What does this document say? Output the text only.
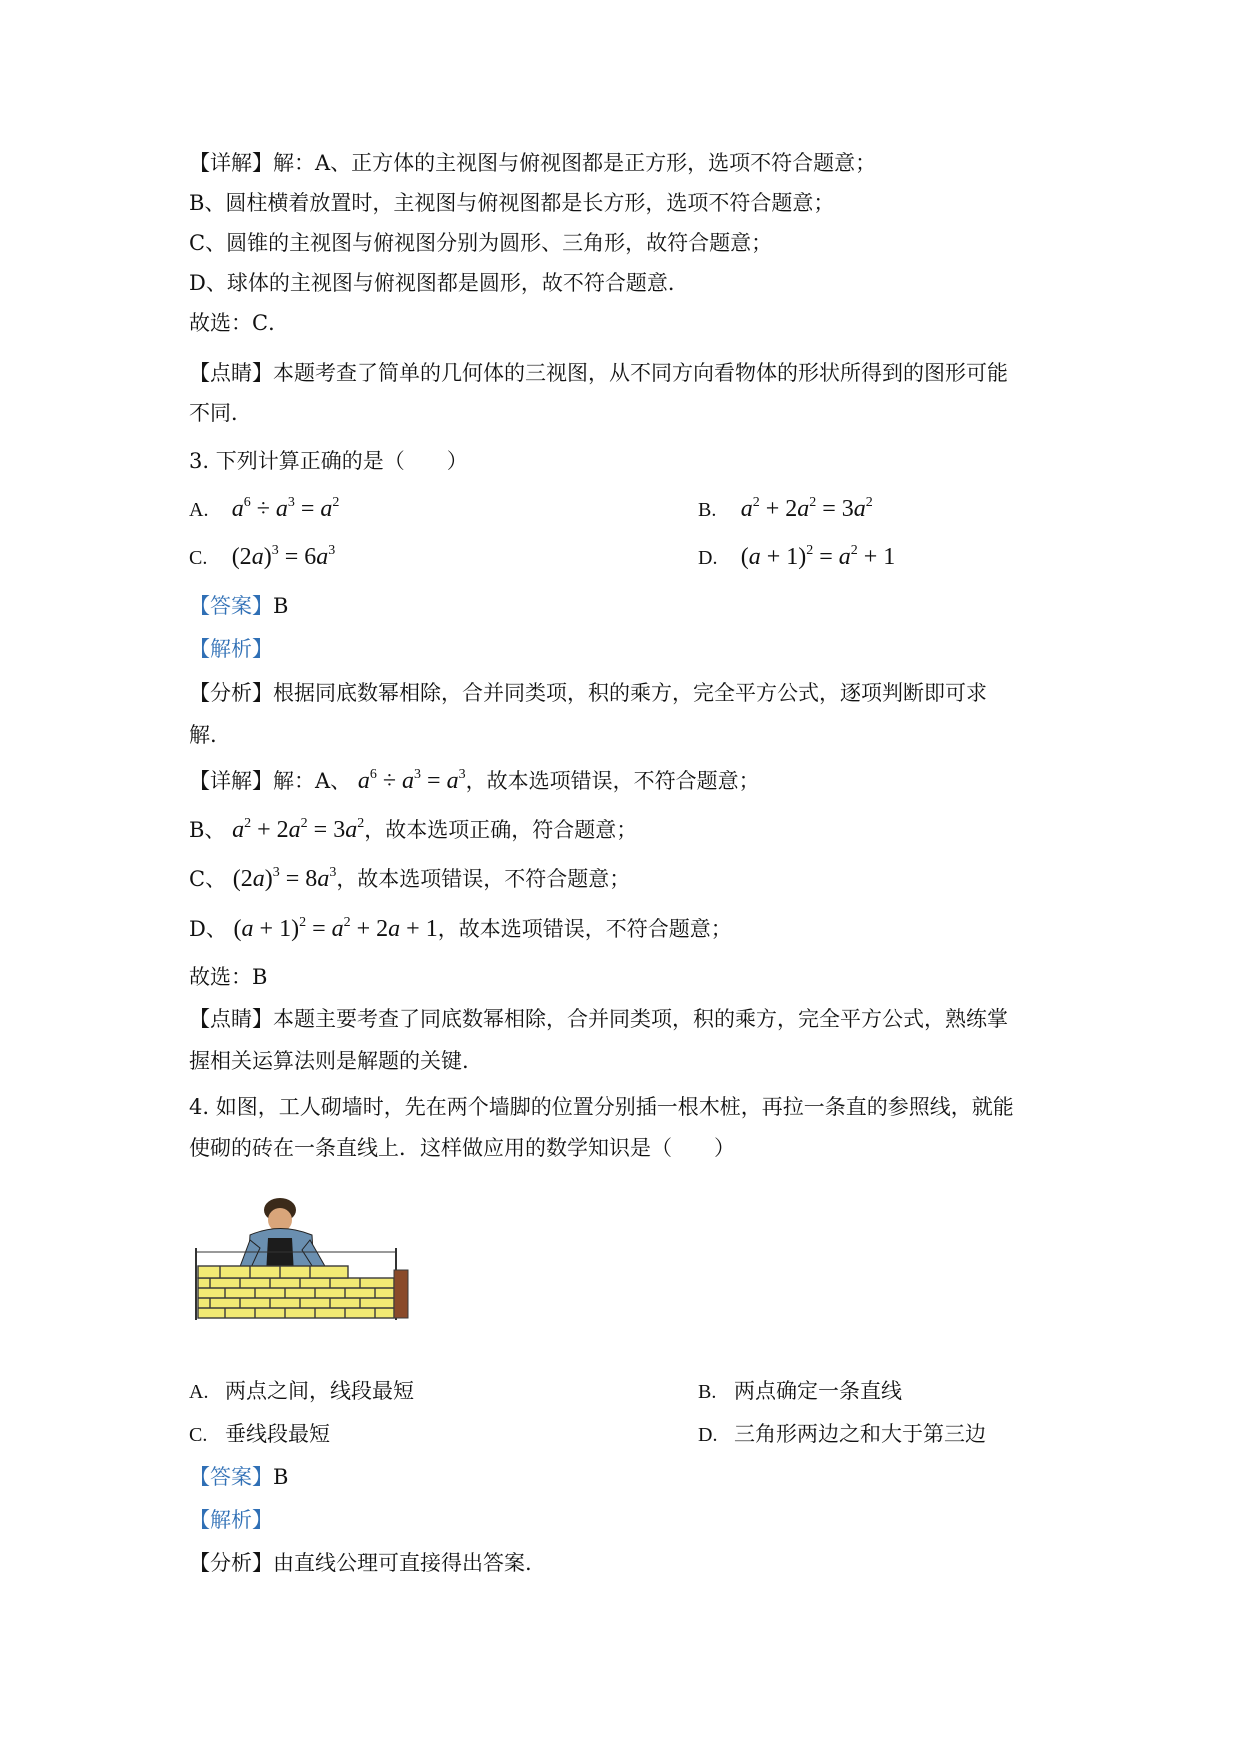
【详解】解：A、正方体的主视图与俯视图都是正方形，选项不符合题意；
B、圆柱横着放置时，主视图与俯视图都是长方形，选项不符合题意；
C、圆锥的主视图与俯视图分别为圆形、三角形，故符合题意；
D、球体的主视图与俯视图都是圆形，故不符合题意．
故选：C．
【点睛】本题考查了简单的几何体的三视图，从不同方向看物体的形状所得到的图形可能
不同．
3. 下列计算正确的是（　　）
A. $a^6 \div a^3 = a^2$	B. $a^2 + 2a^2 = 3a^2$
C. $(2a)^3 = 6a^3$	D. $(a + 1)^2 = a^2 + 1$
【答案】B
【解析】
【分析】根据同底数幂相除，合并同类项，积的乘方，完全平方公式，逐项判断即可求
解.
【详解】解：A、 $a^6 \div a^3 = a^3$，故本选项错误，不符合题意；
B、 $a^2 + 2a^2 = 3a^2$，故本选项正确，符合题意；
C、 $(2a)^3 = 8a^3$，故本选项错误，不符合题意；
D、 $(a + 1)^2 = a^2 + 2a + 1$，故本选项错误，不符合题意；
故选：B
【点睛】本题主要考查了同底数幂相除，合并同类项，积的乘方，完全平方公式，熟练掌
握相关运算法则是解题的关键.
4. 如图，工人砌墙时，先在两个墙脚的位置分别插一根木桩，再拉一条直的参照线，就能
使砌的砖在一条直线上．这样做应用的数学知识是（　　）
A. 两点之间，线段最短	B. 两点确定一条直线
C. 垂线段最短	D. 三角形两边之和大于第三边
【答案】B
【解析】
【分析】由直线公理可直接得出答案.
